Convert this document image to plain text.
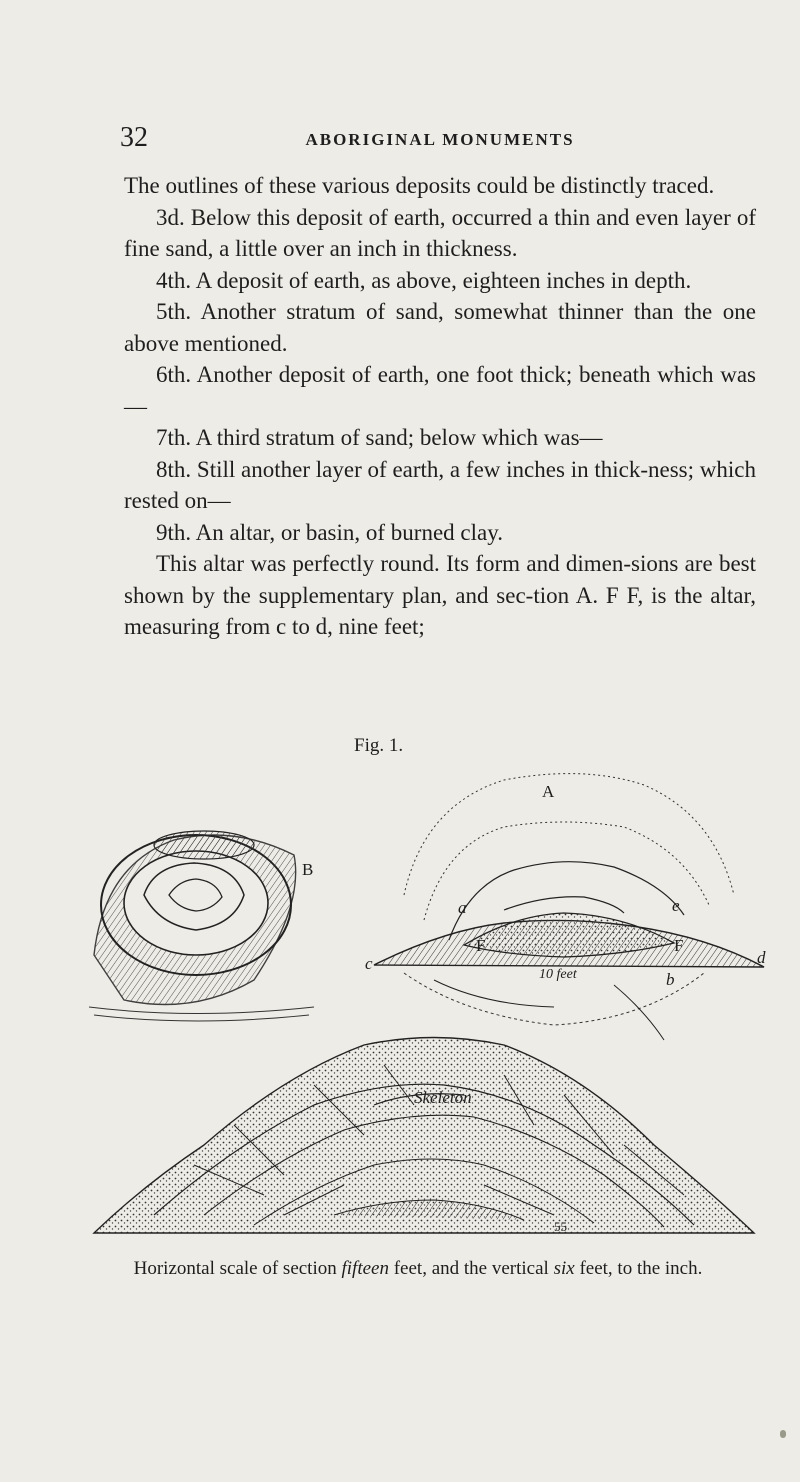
32	ABORIGINAL MONUMENTS

The outlines of these various deposits could be distinctly traced.

3d. Below this deposit of earth, occurred a thin and even layer of fine sand, a little over an inch in thickness.

4th. A deposit of earth, as above, eighteen inches in depth.

5th. Another stratum of sand, somewhat thinner than the one above mentioned.

6th. Another deposit of earth, one foot thick; beneath which was—

7th. A third stratum of sand; below which was—

8th. Still another layer of earth, a few inches in thick-ness; which rested on—

9th. An altar, or basin, of burned clay.

This altar was perfectly round. Its form and dimen-sions are best shown by the supplementary plan, and sec-tion A. F F, is the altar, measuring from c to d, nine feet;

Fig. 1.
B
A
a	e
c	d
b
F	F
10 feet
Skeleton
55
Horizontal scale of section fifteen feet, and the vertical six feet, to the inch.
